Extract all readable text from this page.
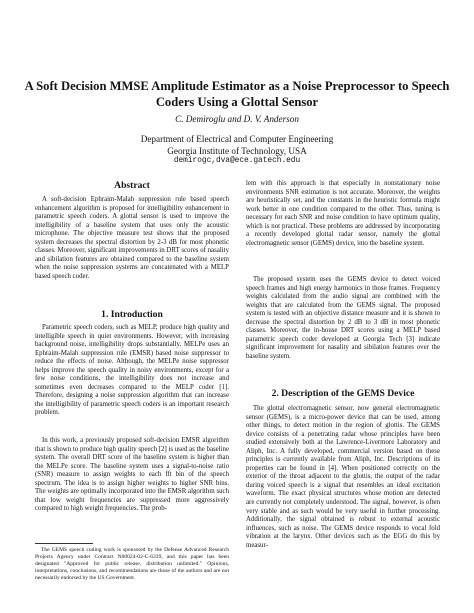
A Soft Decision MMSE Amplitude Estimator as a Noise Preprocessor to Speech Coders Using a Glottal Sensor
C. Demiroglu and D. V. Anderson
Department of Electrical and Computer Engineering
Georgia Institute of Technology, USA
demirogc,dva@ece.gatech.edu
Abstract
A soft-decision Ephraim-Malah suppression rule based speech enhancement algorithm is proposed for intelligibility enhancement in parametric speech coders. A glottal sensor is used to improve the intelligibility of a baseline system that uses only the acoustic microphone. The objective measure test shows that the proposed system decreases the spectral distortion by 2-3 dB for most phonetic classes. Moreover, significant improvements in DRT scores of nasality and sibilation features are obtained compared to the baseline system when the noise suppression systems are concatenated with a MELP based speech coder.
1. Introduction
Parametric speech coders, such as MELP, produce high quality and intelligible speech in quiet environments. However, with increasing background noise, intelligibility drops substantially. MELPe uses an Ephraim-Malah suppression rule (EMSR) based noise suppressor to reduce the effects of noise. Although, the MELPe noise suppressor helps improve the speech quality in noisy environments, except for a few noise conditions, the intelligibility does not increase and sometimes even decreases compared to the MELP coder [1]. Therefore, designing a noise suppression algorithm that can increase the intelligibility of parametric speech coders is an important research problem.
In this work, a previously proposed soft-decision EMSR algorithm that is shown to produce high quality speech [2] is used as the baseline system. The overall DRT score of the baseline system is higher than the MELPe score. The baseline system uses a signal-to-noise ratio (SNR) measure to assign weights to each fft bin of the speech spectrum. The idea is to assign higher weights to higher SNR bins. The weights are optimally incorporated into the EMSR algorithm such that low weight frequencies are suppressed more aggressively compared to high weight frequencies. The prob-
The GEMS speech coding work is sponsored by the Defense Advanced Research Projects Agency under Contract N00024-02-C-6339, and this paper has been designated "Approved for public release, distribution unlimited." Opinions, interpretations, conclusions, and recommendations are those of the authors and are not necessarily endorsed by the US Government.
lem with this approach is that especially in nonstationary noise environments SNR estimation is not accurate. Moreover, the weights are heuristically set, and the constants in the heuristic formula might work better in one condition compared to the other. Thus, tuning is necessary for each SNR and noise condition to have optimum quality, which is not practical. These problems are addressed by incorporating a recently developed glottal radar sensor, namely the glottal electromagnetic sensor (GEMS) device, into the baseline system.
The proposed system uses the GEMS device to detect voiced speech frames and high energy harmonics in those frames. Frequency weights calculated from the audio signal are combined with the weights that are calculated from the GEMS signal. The proposed system is tested with an objective distance measure and it is shown to decrease the spectral distortion by 2 dB to 3 dB in most phonetic classes. Moreover, the in-house DRT scores using a MELP based parametric speech coder developed at Georgia Tech [3] indicate significant improvement for nasality and sibilation features over the baseline system.
2. Description of the GEMS Device
The glottal electromagnetic sensor, now general electromagnetic sensor (GEMS), is a micro-power device that can be used, among other things, to detect motion in the region of glottis. The GEMS device consists of a penetrating radar whose principles have been studied extensively both at the Lawrence-Livermore Laboratory and Aliph, Inc. A fully developed, commercial version based on these principles is currently available from Aliph, Inc. Descriptions of its properties can be found in [4]. When positioned correctly on the exterior of the throat adjacent to the glottis, the output of the radar during voiced speech is a signal that resembles an ideal excitation waveform. The exact physical structures whose motion are detected are currently not completely understood. The signal, however, is often very stable and as such would be very useful in further processing. Additionally, the signal obtained is robust to external acoustic influences, such as noise. The GEMS device responds to vocal fold vibration at the larynx. Other devices such as the EGG do this by measur-
